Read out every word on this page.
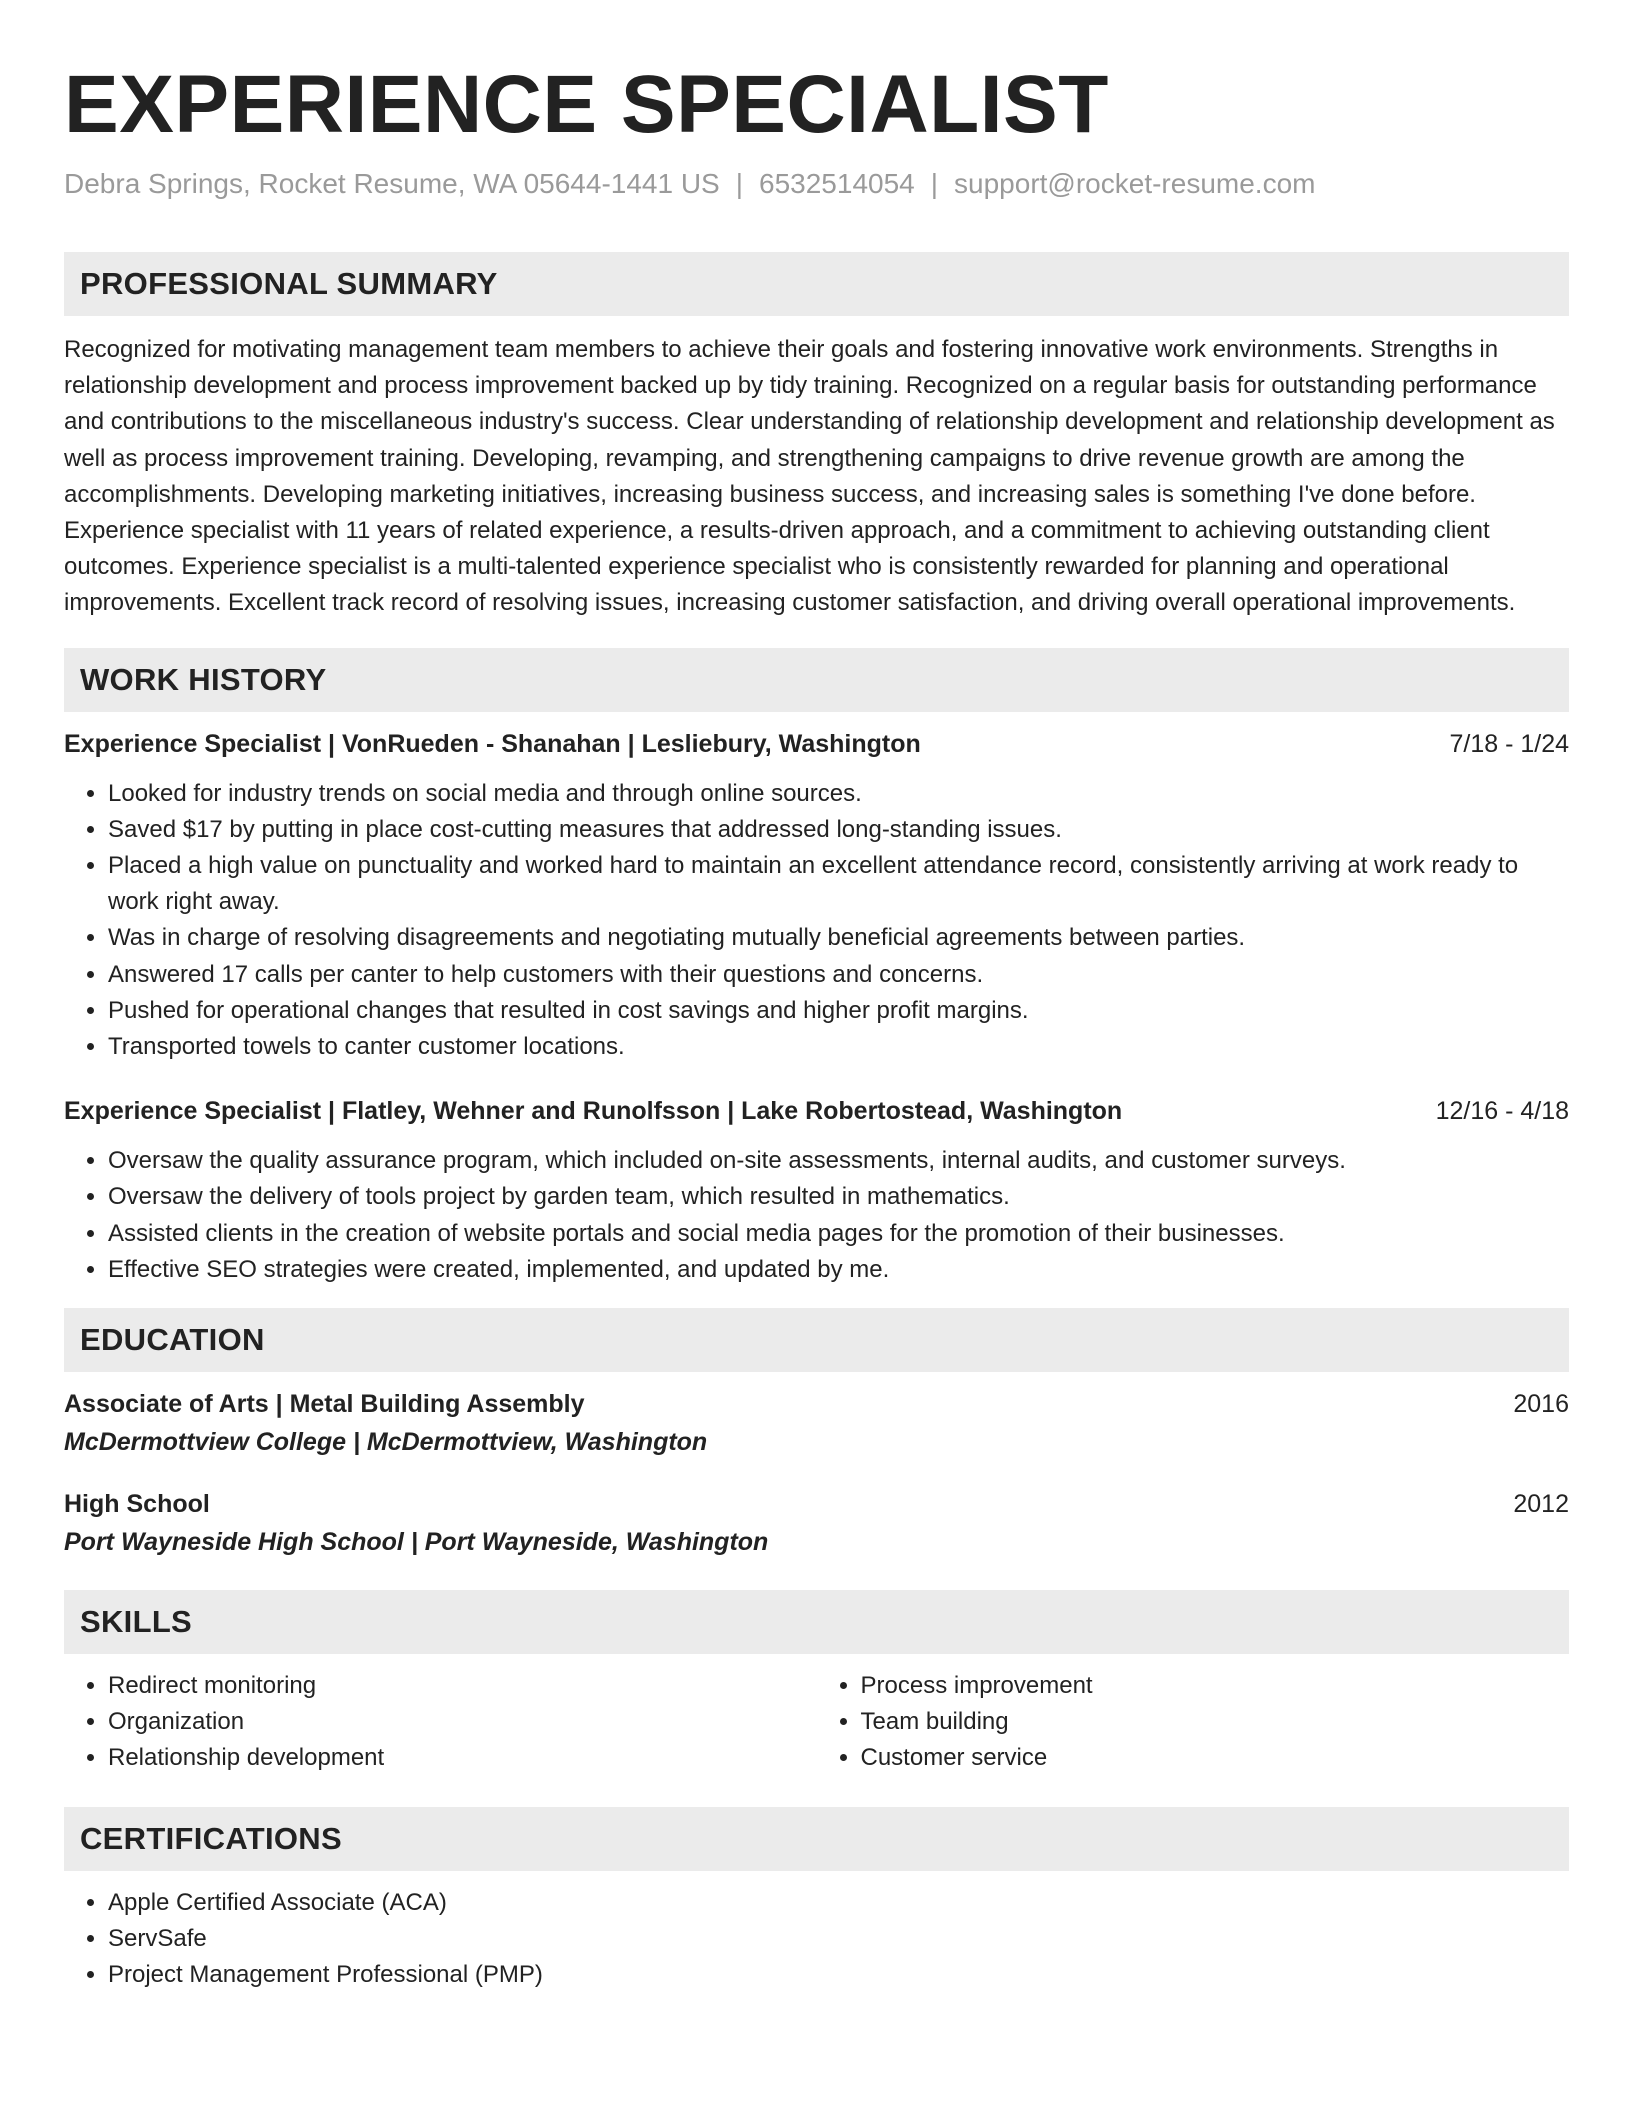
EXPERIENCE SPECIALIST
Debra Springs, Rocket Resume, WA 05644-1441 US | 6532514054 | support@rocket-resume.com
PROFESSIONAL SUMMARY

Recognized for motivating management team members to achieve their goals and fostering innovative work environments. Strengths in relationship development and process improvement backed up by tidy training. Recognized on a regular basis for outstanding performance and contributions to the miscellaneous industry's success. Clear understanding of relationship development and relationship development as well as process improvement training. Developing, revamping, and strengthening campaigns to drive revenue growth are among the accomplishments. Developing marketing initiatives, increasing business success, and increasing sales is something I've done before. Experience specialist with 11 years of related experience, a results-driven approach, and a commitment to achieving outstanding client outcomes. Experience specialist is a multi-talented experience specialist who is consistently rewarded for planning and operational improvements. Excellent track record of resolving issues, increasing customer satisfaction, and driving overall operational improvements.

WORK HISTORY
Experience Specialist | VonRueden - Shanahan | Lesliebury, Washington	7/18 - 1/24
• Looked for industry trends on social media and through online sources.
• Saved $17 by putting in place cost-cutting measures that addressed long-standing issues.
• Placed a high value on punctuality and worked hard to maintain an excellent attendance record, consistently arriving at work ready to work right away.
• Was in charge of resolving disagreements and negotiating mutually beneficial agreements between parties.
• Answered 17 calls per canter to help customers with their questions and concerns.
• Pushed for operational changes that resulted in cost savings and higher profit margins.
• Transported towels to canter customer locations.
Experience Specialist | Flatley, Wehner and Runolfsson | Lake Robertostead, Washington	12/16 - 4/18
• Oversaw the quality assurance program, which included on-site assessments, internal audits, and customer surveys.
• Oversaw the delivery of tools project by garden team, which resulted in mathematics.
• Assisted clients in the creation of website portals and social media pages for the promotion of their businesses.
• Effective SEO strategies were created, implemented, and updated by me.
EDUCATION
Associate of Arts | Metal Building Assembly	2016
McDermottview College | McDermottview, Washington
High School	2012
Port Wayneside High School | Port Wayneside, Washington
SKILLS
• Redirect monitoring
• Organization
• Relationship development
• Process improvement
• Team building
• Customer service
CERTIFICATIONS
• Apple Certified Associate (ACA)
• ServSafe
• Project Management Professional (PMP)
